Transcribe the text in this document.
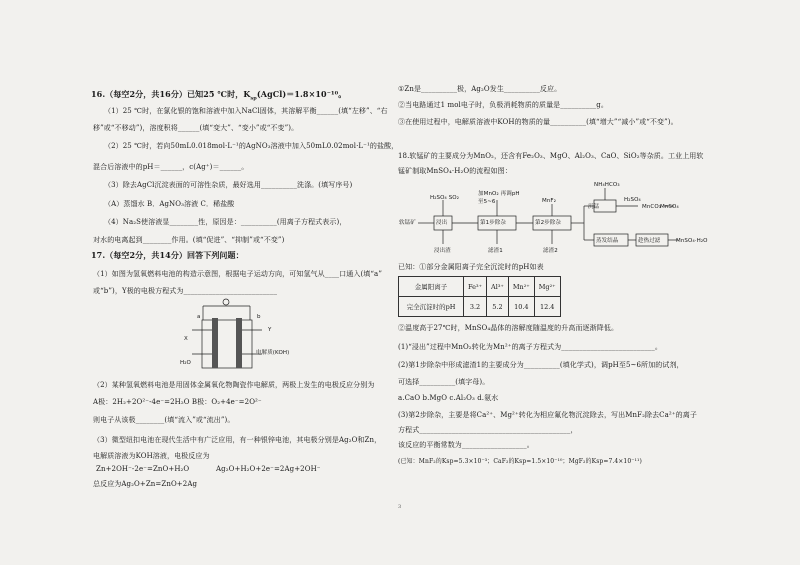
16.（每空2分，共16分）已知25 ℃时，$K_{sp}(AgCl)=1.8\times 10^{-10}$。
（1）25 ℃时，在氯化银的饱和溶液中加入NaCl固体，其溶解平衡______(填“左移”、“右
移”或“不移动”)，溶度积将______(填“变大”、“变小”或“不变”)。
（2）25 ℃时，若向50mL0.018mol·L⁻¹的AgNO₃溶液中加入50mL0.02mol·L⁻¹的盐酸，
混合后溶液中的pH＝______，c(Ag⁺)＝______。
（3）除去AgCl沉淀表面的可溶性杂质，最好选用__________洗涤。(填写序号)
（A）蒸馏水 B．AgNO₃溶液 C．稀盐酸
（4）Na₂S使溶液显________性，原因是：__________(用离子方程式表示)，
对水的电离起到________作用。(填“促进”、“抑制”或“不变”)
17.（每空2分，共14分）回答下列问题：
（1）如图为氢氧燃料电池的构造示意图，根据电子运动方向，可知氢气从____口通入(填“a”
或“b”)，Y极的电极方程式为__________________________
a	b
X
Y
H₂O
电解质(KOH)
（2）某种氢氧燃料电池是用固体金属氧化物陶瓷作电解质，两极上发生的电极反应分别为
A极：2H₂+2O²⁻-4e⁻=2H₂O B极：O₂+4e⁻=2O²⁻
则电子从该极________(填“流入”或“流出”)。
（3）微型纽扣电池在现代生活中有广泛应用，有一种银锌电池，其电极分别是Ag₂O和Zn，
电解质溶液为KOH溶液，电极反应为
Zn+2OH⁻-2e⁻=ZnO+H₂O	Ag₂O+H₂O+2e⁻=2Ag+2OH⁻
总反应为Ag₂O+Zn=ZnO+2Ag
①Zn是__________极，Ag₂O发生__________反应。
②当电路通过1 mol电子时，负极消耗物质的质量是__________g。
③在使用过程中，电解质溶液中KOH的物质的量__________(填“增大”“减小”或“不变”)。
18.软锰矿的主要成分为MnO₂，还含有Fe₂O₃、MgO、Al₂O₃、CaO、SiO₂等杂质。工业上用软
锰矿制取MnSO₄·H₂O的流程如图：
软锰矿
H₂SO₄ SO₂
浸出	第1步除杂	第2步除杂
沉锰
蒸发结晶	趁热过滤
浸出渣	滤渣1	滤渣2
加MnO₂ 再调pH至5~6	MnF₂
NH₄HCO₃
H₂SO₄
MnCO₃
MnSO₄
MnSO₄·H₂O
已知：①部分金属阳离子完全沉淀时的pH如表
金属阳离子	Fe³⁺	Al³⁺	Mn²⁺	Mg²⁺
完全沉淀时的pH	3.2	5.2	10.4	12.4
②温度高于27℃时，MnSO₄晶体的溶解度随温度的升高而逐渐降低。
(1)“浸出”过程中MnO₂转化为Mn²⁺的离子方程式为__________________________。
(2)第1步除杂中形成滤渣1的主要成分为__________(填化学式)，调pH至5~6所加的试剂，
可选择__________(填字母)。
a.CaO b.MgO c.Al₂O₃ d.氨水
(3)第2步除杂，主要是将Ca²⁺、Mg²⁺转化为相应氟化物沉淀除去，写出MnF₂除去Ca²⁺的离子
方程式__________________________________________，
该反应的平衡常数为__________________。
(已知：MnF₂的Ksp=5.3×10⁻³；CaF₂的Ksp=1.5×10⁻¹⁰；MgF₂的Ksp=7.4×10⁻¹¹)
3
